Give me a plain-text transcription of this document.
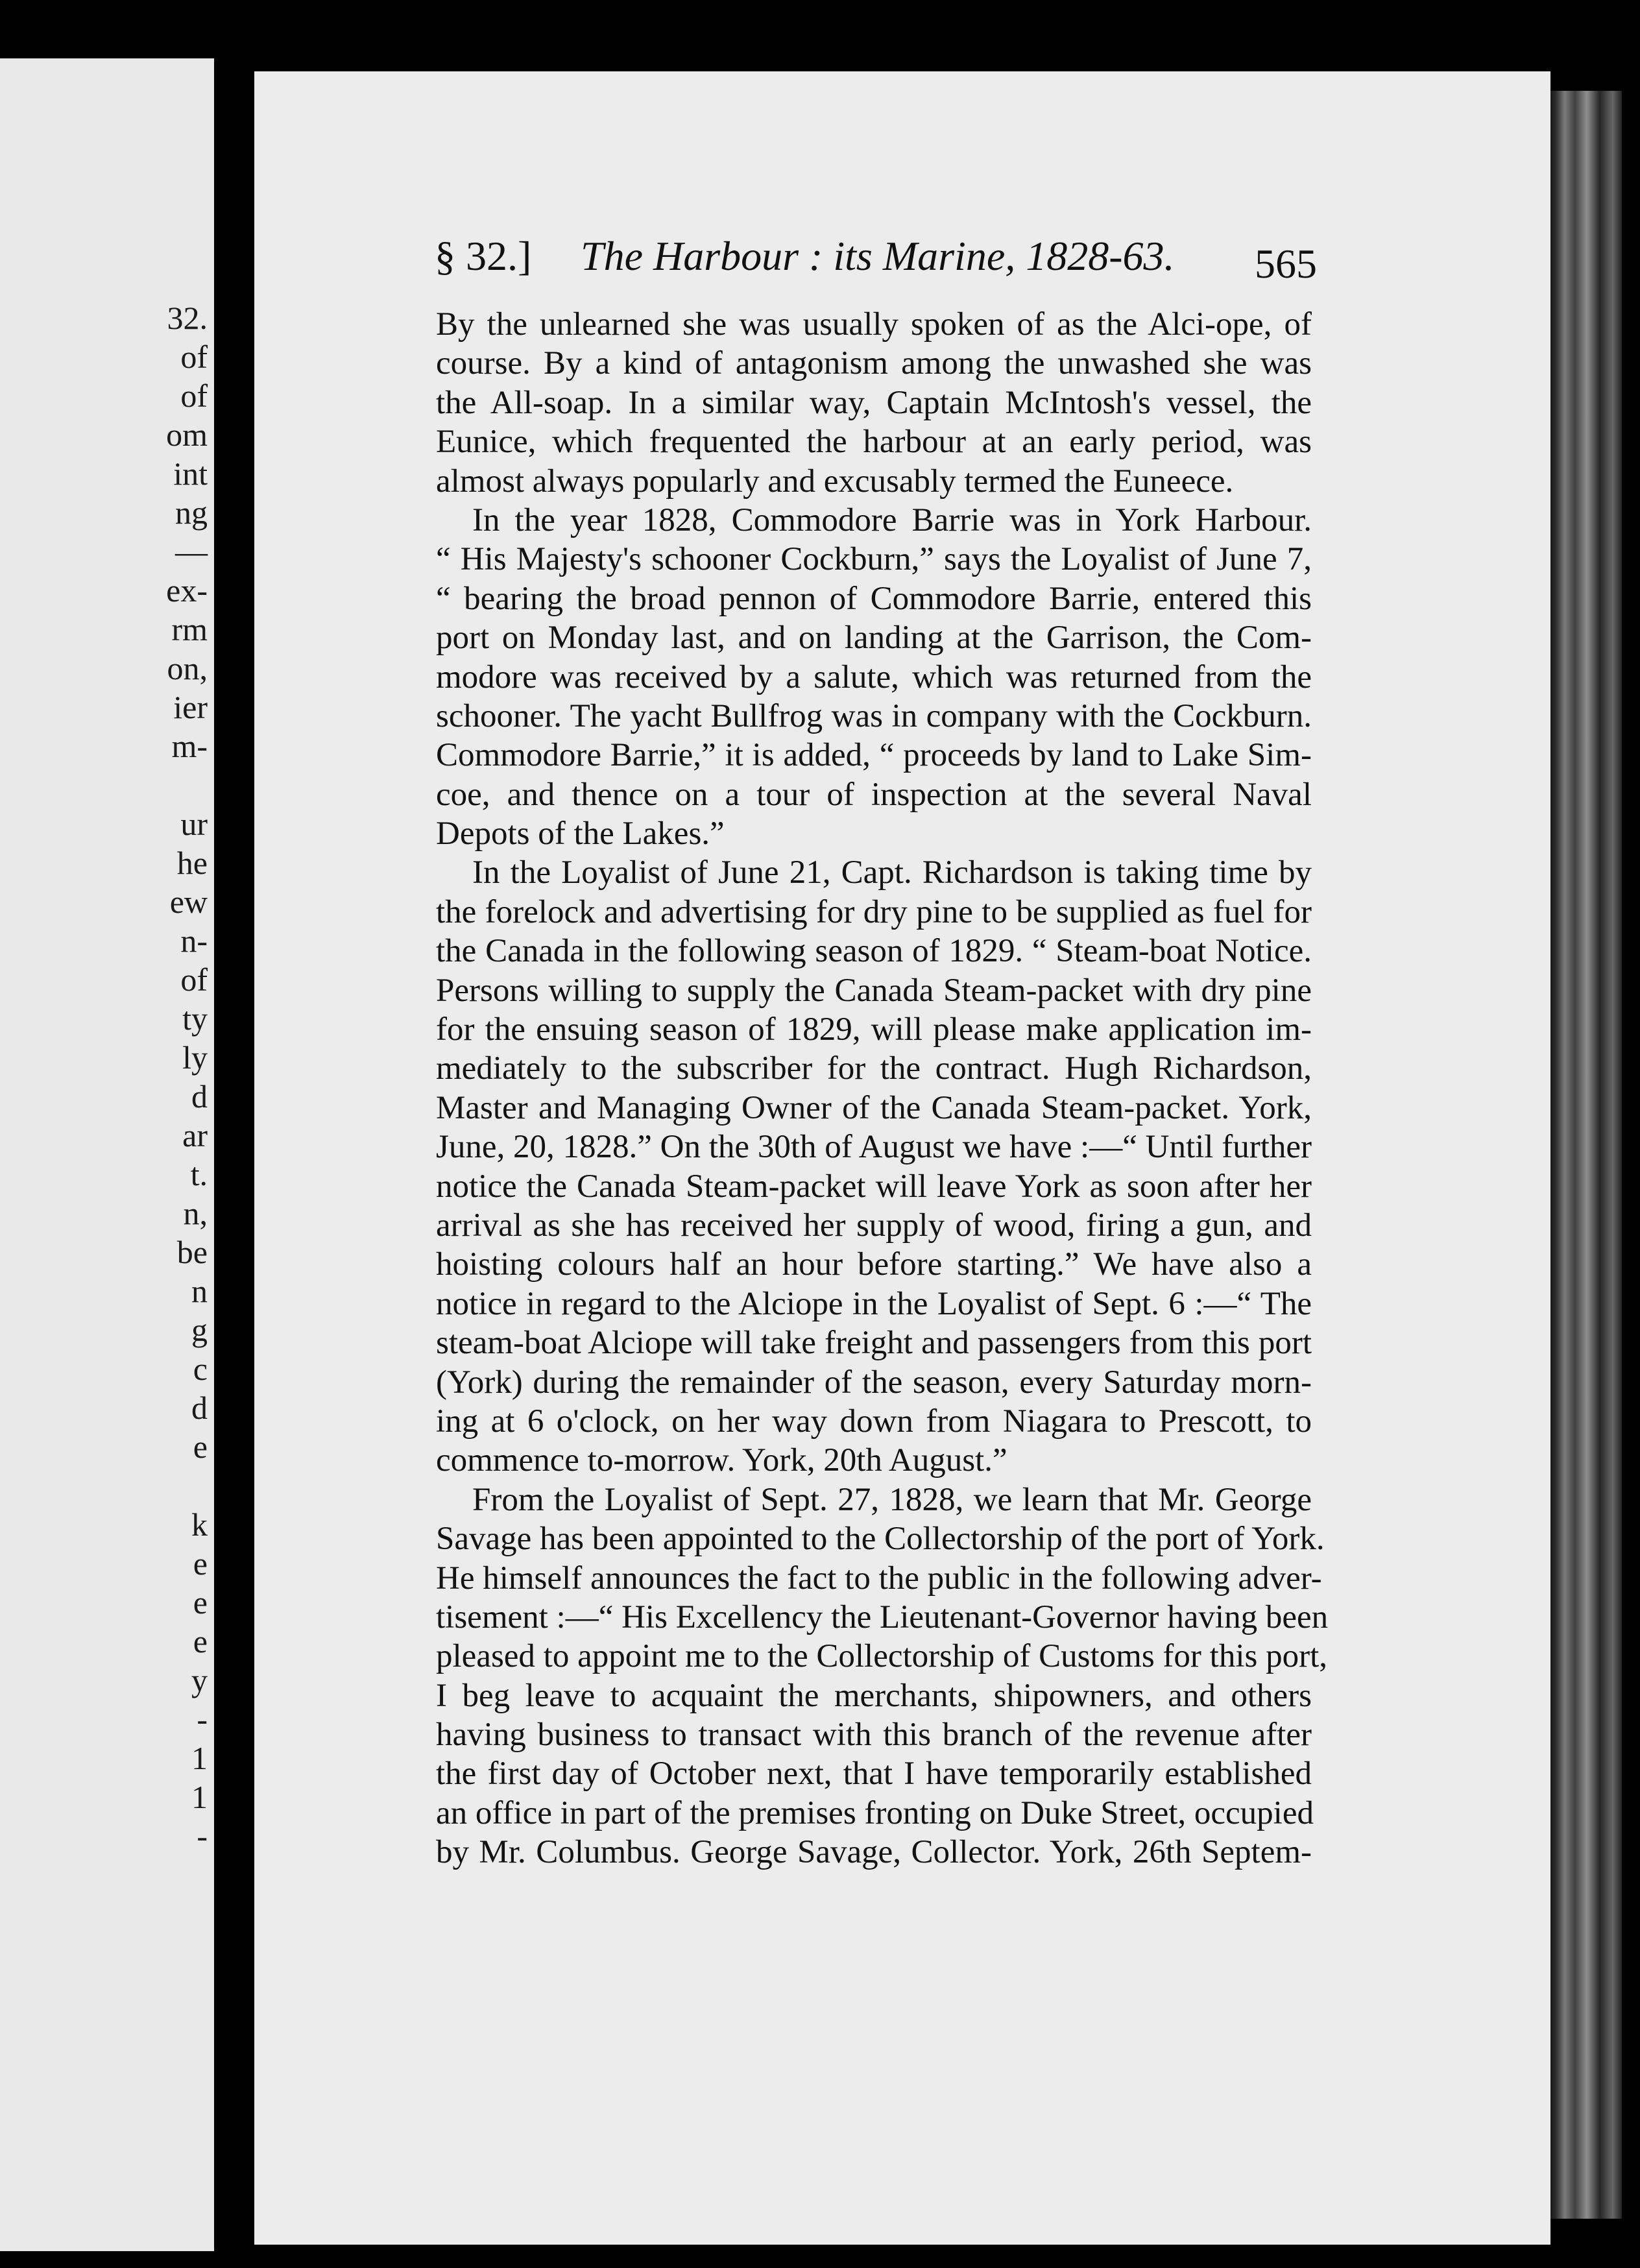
32.
of
of
om
int
ng
—
ex-
rm
on,
ier
m-
ur
he
ew
n-
of
ty
ly
d
ar
t.
n,
be
n
g
c
d
e
k
e
e
e
y
-
1
1
-
§ 32.] The Harbour : its Marine, 1828-63. 565
By the unlearned she was usually spoken of as the Alci-ope, of
course. By a kind of antagonism among the unwashed she was
the All-soap. In a similar way, Captain McIntosh's vessel, the
Eunice, which frequented the harbour at an early period, was
almost always popularly and excusably termed the Euneece.
In the year 1828, Commodore Barrie was in York Harbour.
“ His Majesty's schooner Cockburn,” says the Loyalist of June 7,
“ bearing the broad pennon of Commodore Barrie, entered this
port on Monday last, and on landing at the Garrison, the Com-
modore was received by a salute, which was returned from the
schooner. The yacht Bullfrog was in company with the Cockburn.
Commodore Barrie,” it is added, “ proceeds by land to Lake Sim-
coe, and thence on a tour of inspection at the several Naval
Depots of the Lakes.”
In the Loyalist of June 21, Capt. Richardson is taking time by
the forelock and advertising for dry pine to be supplied as fuel for
the Canada in the following season of 1829. “ Steam-boat Notice.
Persons willing to supply the Canada Steam-packet with dry pine
for the ensuing season of 1829, will please make application im-
mediately to the subscriber for the contract. Hugh Richardson,
Master and Managing Owner of the Canada Steam-packet. York,
June, 20, 1828.” On the 30th of August we have :—“ Until further
notice the Canada Steam-packet will leave York as soon after her
arrival as she has received her supply of wood, firing a gun, and
hoisting colours half an hour before starting.” We have also a
notice in regard to the Alciope in the Loyalist of Sept. 6 :—“ The
steam-boat Alciope will take freight and passengers from this port
(York) during the remainder of the season, every Saturday morn-
ing at 6 o'clock, on her way down from Niagara to Prescott, to
commence to-morrow. York, 20th August.”
From the Loyalist of Sept. 27, 1828, we learn that Mr. George
Savage has been appointed to the Collectorship of the port of York.
He himself announces the fact to the public in the following adver-
tisement :—“ His Excellency the Lieutenant-Governor having been
pleased to appoint me to the Collectorship of Customs for this port,
I beg leave to acquaint the merchants, shipowners, and others
having business to transact with this branch of the revenue after
the first day of October next, that I have temporarily established
an office in part of the premises fronting on Duke Street, occupied
by Mr. Columbus. George Savage, Collector. York, 26th Septem-
